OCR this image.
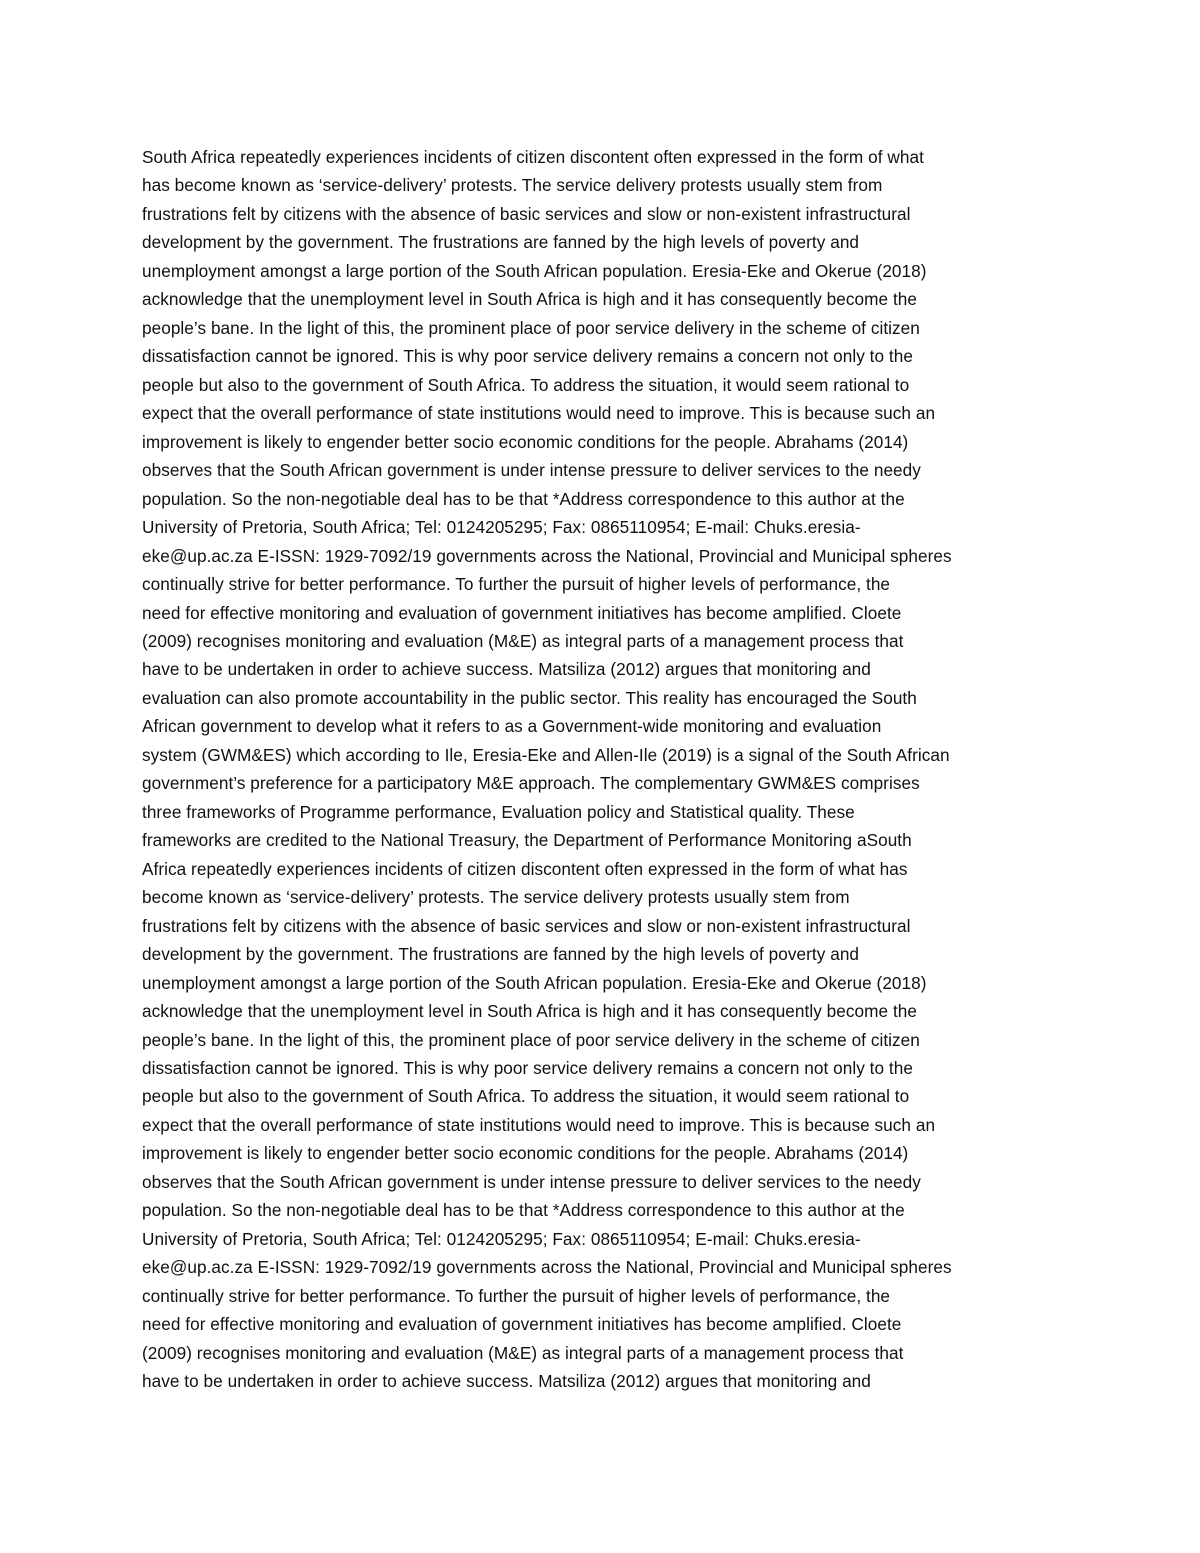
South Africa repeatedly experiences incidents of citizen discontent often expressed in the form of what
has become known as ‘service-delivery’ protests. The service delivery protests usually stem from
frustrations felt by citizens with the absence of basic services and slow or non-existent infrastructural
development by the government. The frustrations are fanned by the high levels of poverty and
unemployment amongst a large portion of the South African population. Eresia-Eke and Okerue (2018)
acknowledge that the unemployment level in South Africa is high and it has consequently become the
people’s bane. In the light of this, the prominent place of poor service delivery in the scheme of citizen
dissatisfaction cannot be ignored. This is why poor service delivery remains a concern not only to the
people but also to the government of South Africa. To address the situation, it would seem rational to
expect that the overall performance of state institutions would need to improve. This is because such an
improvement is likely to engender better socio economic conditions for the people. Abrahams (2014)
observes that the South African government is under intense pressure to deliver services to the needy
population. So the non-negotiable deal has to be that *Address correspondence to this author at the
University of Pretoria, South Africa; Tel: 0124205295; Fax: 0865110954; E-mail: Chuks.eresia-
eke@up.ac.za E-ISSN: 1929-7092/19 governments across the National, Provincial and Municipal spheres
continually strive for better performance. To further the pursuit of higher levels of performance, the
need for effective monitoring and evaluation of government initiatives has become amplified. Cloete
(2009) recognises monitoring and evaluation (M&E) as integral parts of a management process that
have to be undertaken in order to achieve success. Matsiliza (2012) argues that monitoring and
evaluation can also promote accountability in the public sector. This reality has encouraged the South
African government to develop what it refers to as a Government-wide monitoring and evaluation
system (GWM&ES) which according to Ile, Eresia-Eke and Allen-Ile (2019) is a signal of the South African
government’s preference for a participatory M&E approach. The complementary GWM&ES comprises
three frameworks of Programme performance, Evaluation policy and Statistical quality. These
frameworks are credited to the National Treasury, the Department of Performance Monitoring aSouth
Africa repeatedly experiences incidents of citizen discontent often expressed in the form of what has
become known as ‘service-delivery’ protests. The service delivery protests usually stem from
frustrations felt by citizens with the absence of basic services and slow or non-existent infrastructural
development by the government. The frustrations are fanned by the high levels of poverty and
unemployment amongst a large portion of the South African population. Eresia-Eke and Okerue (2018)
acknowledge that the unemployment level in South Africa is high and it has consequently become the
people’s bane. In the light of this, the prominent place of poor service delivery in the scheme of citizen
dissatisfaction cannot be ignored. This is why poor service delivery remains a concern not only to the
people but also to the government of South Africa. To address the situation, it would seem rational to
expect that the overall performance of state institutions would need to improve. This is because such an
improvement is likely to engender better socio economic conditions for the people. Abrahams (2014)
observes that the South African government is under intense pressure to deliver services to the needy
population. So the non-negotiable deal has to be that *Address correspondence to this author at the
University of Pretoria, South Africa; Tel: 0124205295; Fax: 0865110954; E-mail: Chuks.eresia-
eke@up.ac.za E-ISSN: 1929-7092/19 governments across the National, Provincial and Municipal spheres
continually strive for better performance. To further the pursuit of higher levels of performance, the
need for effective monitoring and evaluation of government initiatives has become amplified. Cloete
(2009) recognises monitoring and evaluation (M&E) as integral parts of a management process that
have to be undertaken in order to achieve success. Matsiliza (2012) argues that monitoring and
